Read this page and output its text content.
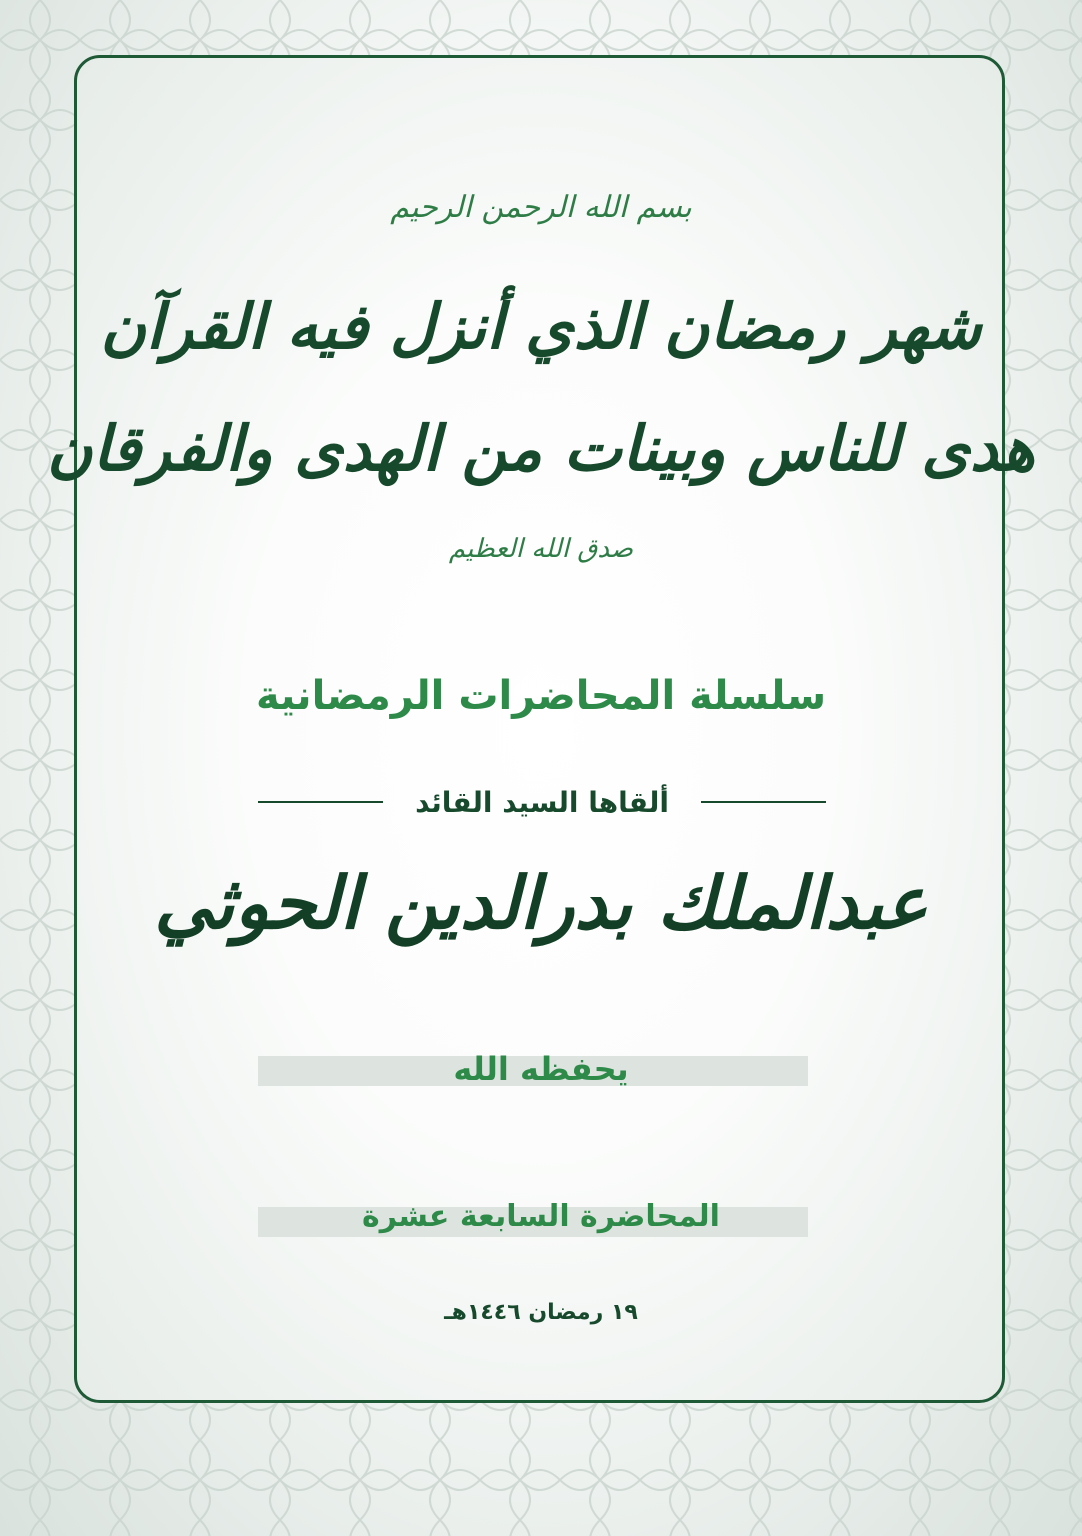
بسم الله الرحمن الرحيم
شهر رمضان الذي أنزل فيه القرآن
هدى للناس وبينات من الهدى والفرقان
صدق الله العظيم
سلسلة المحاضرات الرمضانية
ألقاها السيد القائد
عبدالملك بدرالدين الحوثي
يحفظه الله
المحاضرة السابعة عشرة
١٩ رمضان ١٤٤٦هـ
